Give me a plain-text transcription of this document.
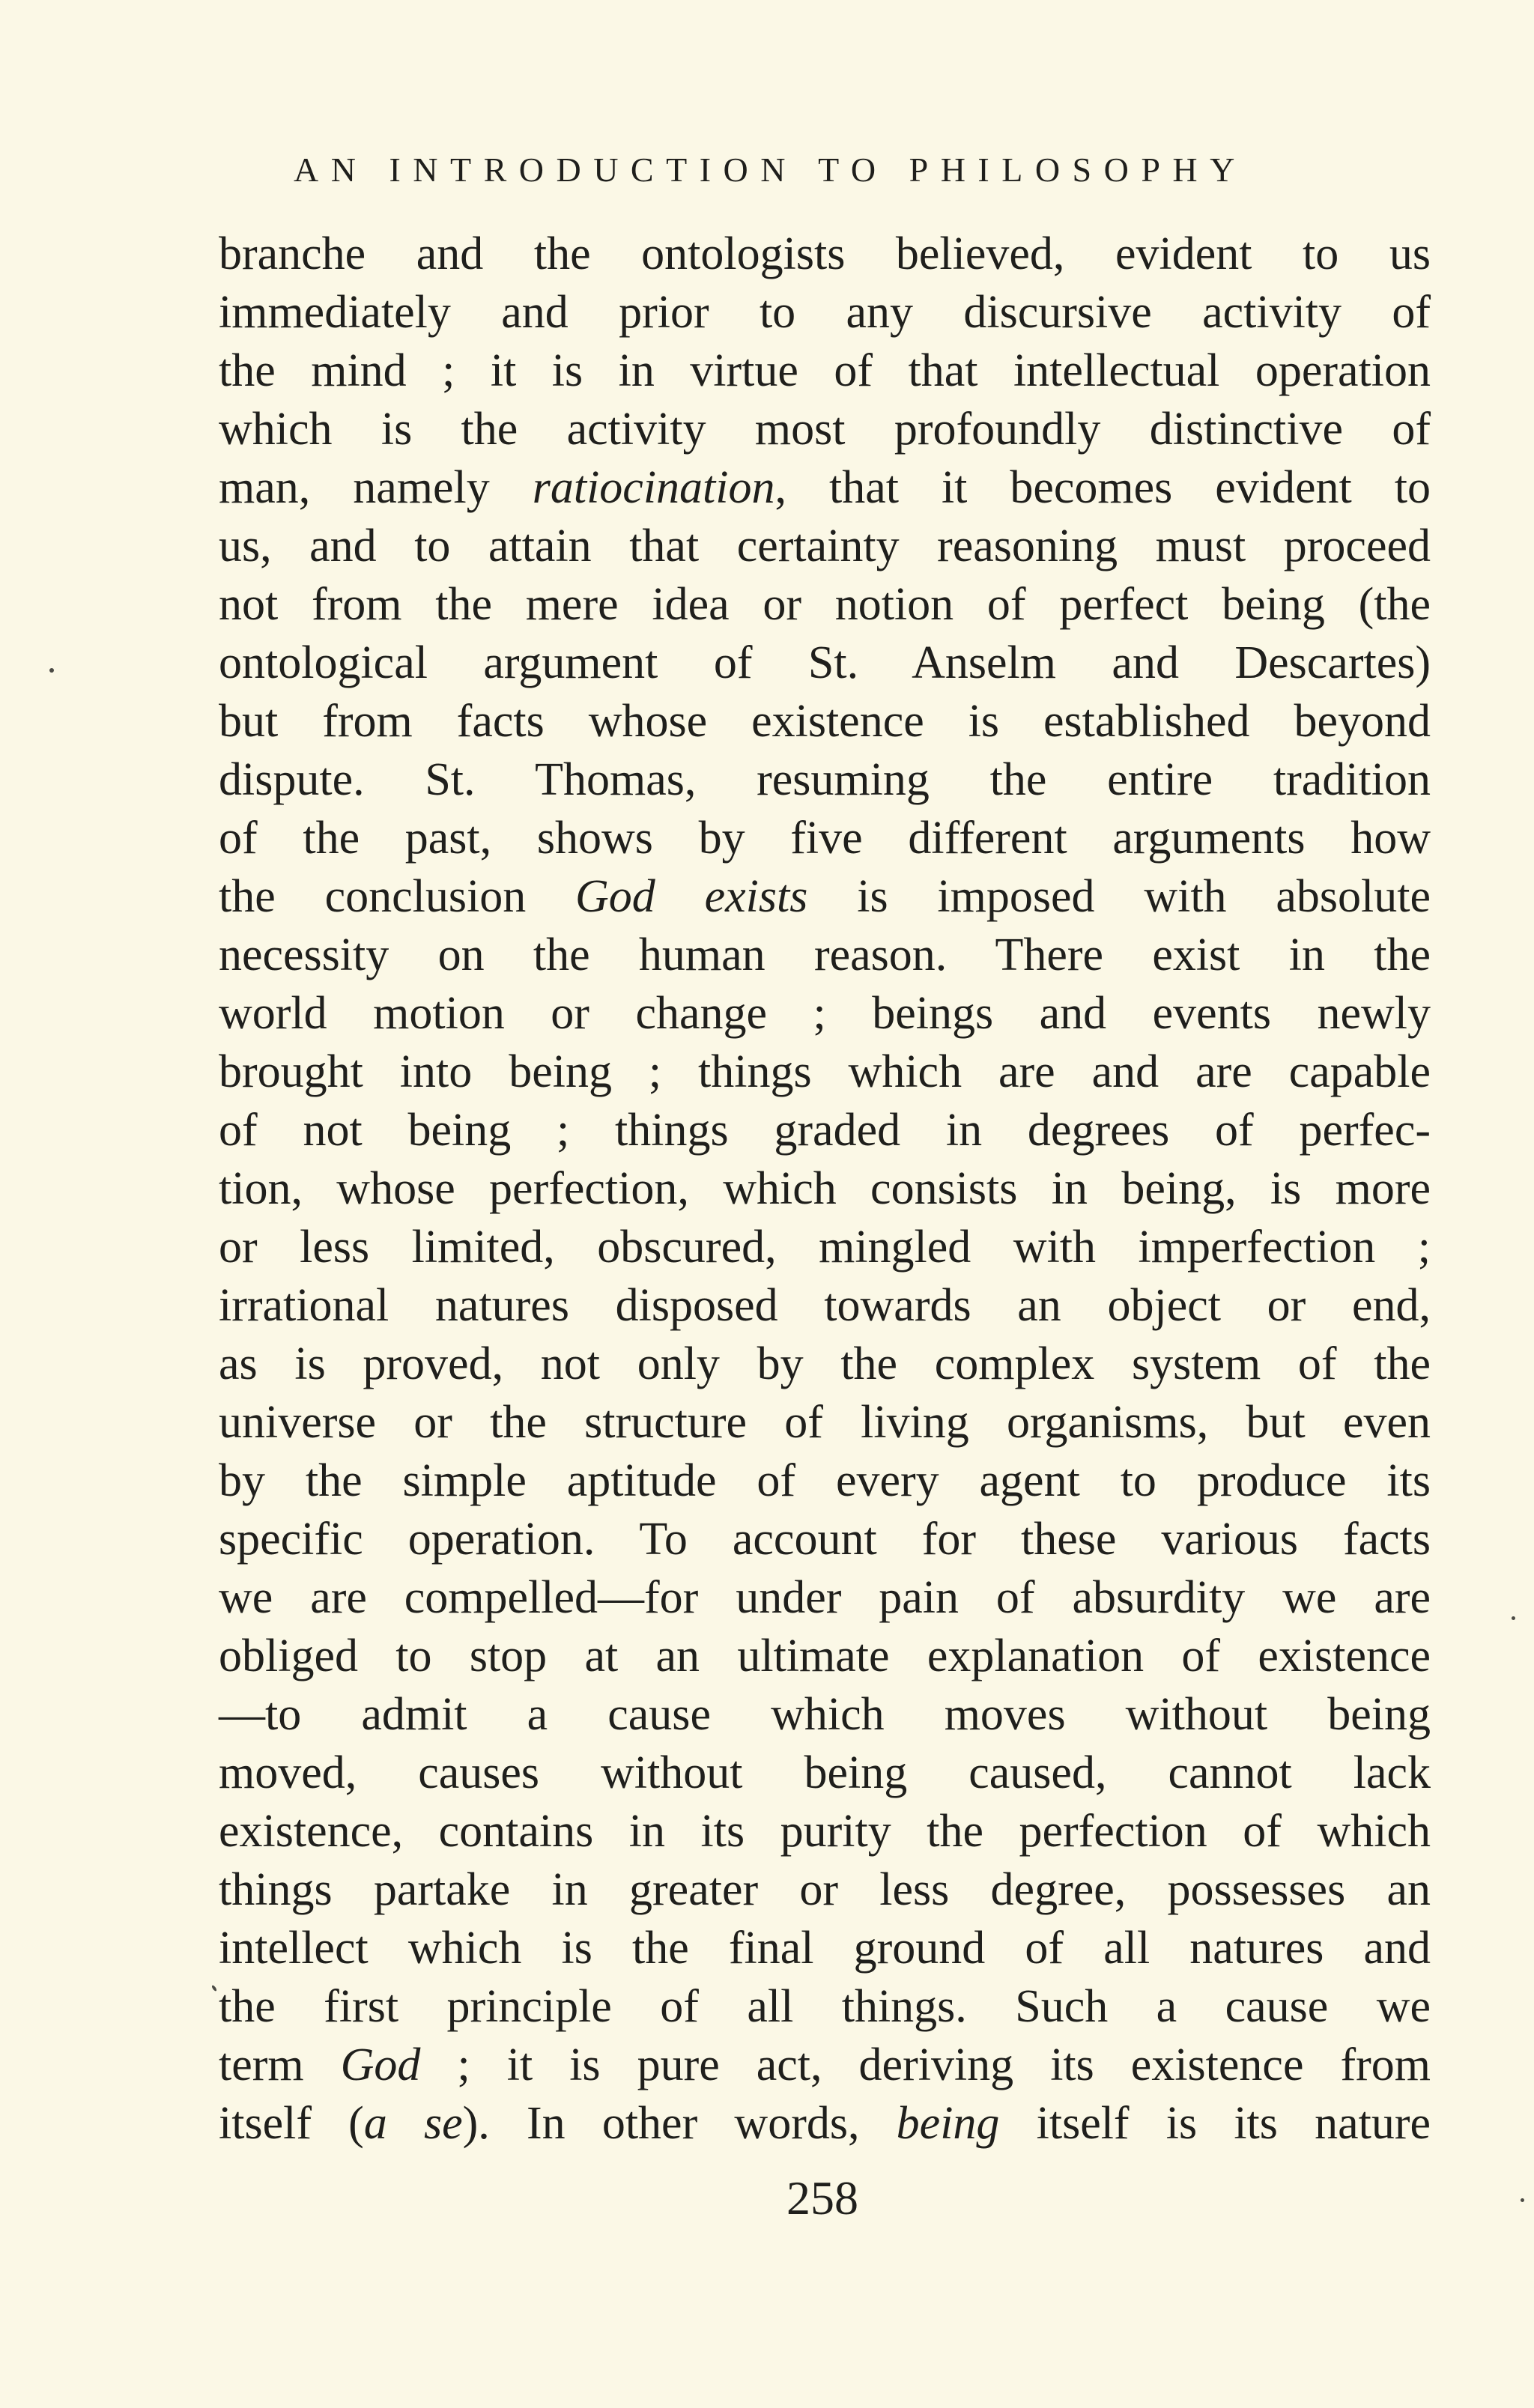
AN INTRODUCTION TO PHILOSOPHY
branche and the ontologists believed, evident to us
immediately and prior to any discursive activity of
the mind ; it is in virtue of that intellectual operation
which is the activity most profoundly distinctive of
man, namely ratiocination, that it becomes evident to
us, and to attain that certainty reasoning must proceed
not from the mere idea or notion of perfect being (the
ontological argument of St. Anselm and Descartes)
but from facts whose existence is established beyond
dispute. St. Thomas, resuming the entire tradition
of the past, shows by five different arguments how
the conclusion God exists is imposed with absolute
necessity on the human reason. There exist in the
world motion or change ; beings and events newly
brought into being ; things which are and are capable
of not being ; things graded in degrees of perfec-
tion, whose perfection, which consists in being, is more
or less limited, obscured, mingled with imperfection ;
irrational natures disposed towards an object or end,
as is proved, not only by the complex system of the
universe or the structure of living organisms, but even
by the simple aptitude of every agent to produce its
specific operation. To account for these various facts
we are compelled—for under pain of absurdity we are
obliged to stop at an ultimate explanation of existence
—to admit a cause which moves without being
moved, causes without being caused, cannot lack
existence, contains in its purity the perfection of which
things partake in greater or less degree, possesses an
intellect which is the final ground of all natures and
the first principle of all things. Such a cause we
term God ; it is pure act, deriving its existence from
itself (a se). In other words, being itself is its nature
258
